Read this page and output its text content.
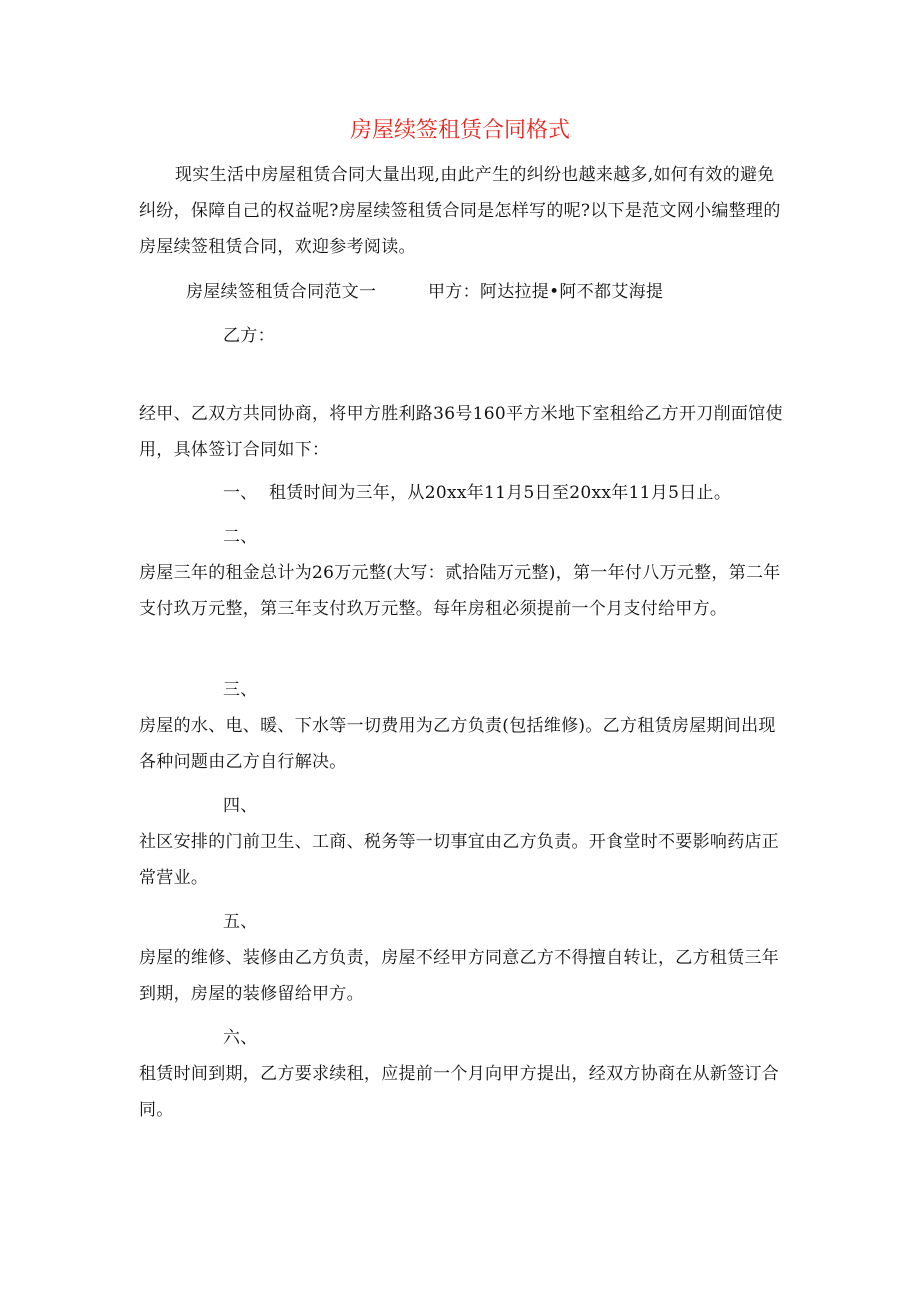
房屋续签租赁合同格式

现实生活中房屋租赁合同大量出现,由此产生的纠纷也越来越多,如何有效的避免纠纷，保障自己的权益呢?房屋续签租赁合同是怎样写的呢?以下是范文网小编整理的房屋续签租赁合同，欢迎参考阅读。

房屋续签租赁合同范文一	甲方：阿达拉提•阿不都艾海提
乙方：

经甲、乙双方共同协商，将甲方胜利路36号160平方米地下室租给乙方开刀削面馆使用，具体签订合同如下：

一、  租赁时间为三年，从20xx年11月5日至20xx年11月5日止。
二、

房屋三年的租金总计为26万元整(大写：贰拾陆万元整)，第一年付八万元整，第二年支付玖万元整，第三年支付玖万元整。每年房租必须提前一个月支付给甲方。

三、

房屋的水、电、暖、下水等一切费用为乙方负责(包括维修)。乙方租赁房屋期间出现各种问题由乙方自行解决。

四、

社区安排的门前卫生、工商、税务等一切事宜由乙方负责。开食堂时不要影响药店正常营业。

五、

房屋的维修、装修由乙方负责，房屋不经甲方同意乙方不得擅自转让，乙方租赁三年到期，房屋的装修留给甲方。

六、

租赁时间到期，乙方要求续租，应提前一个月向甲方提出，经双方协商在从新签订合同。
